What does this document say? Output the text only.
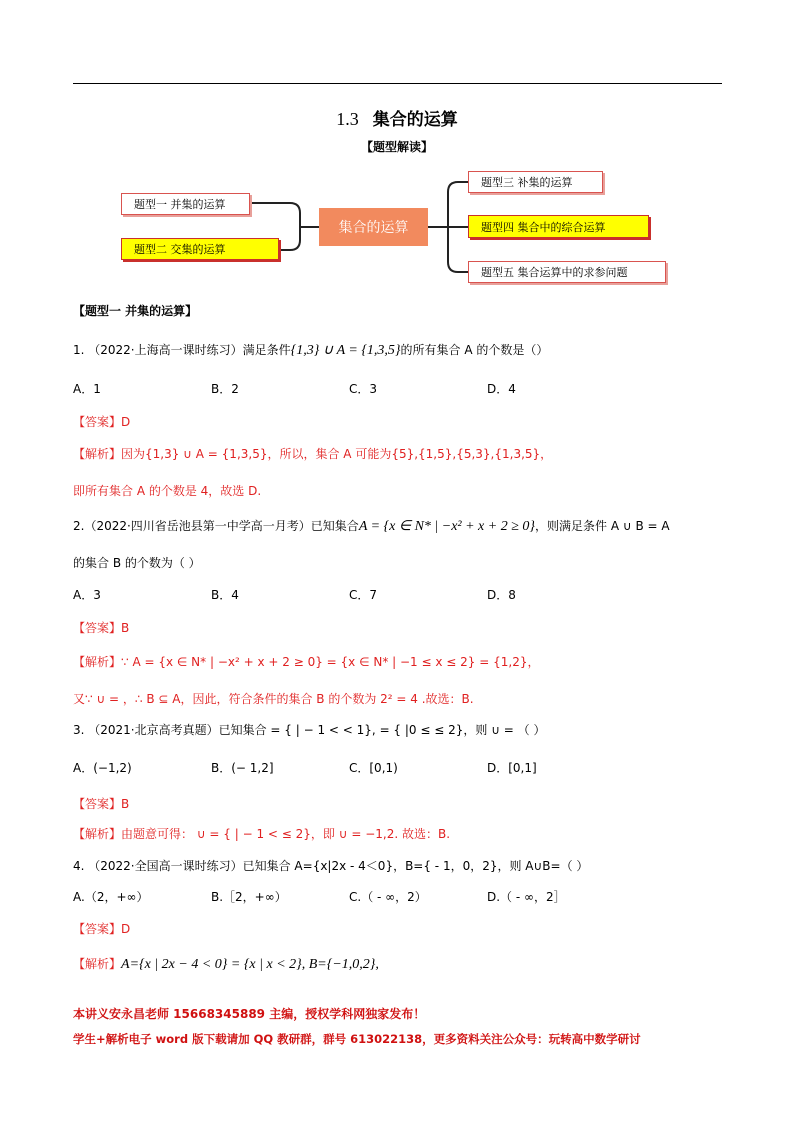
1.3 集合的运算
【题型解读】
题型一 并集的运算
题型二 交集的运算
集合的运算
题型三 补集的运算
题型四 集合中的综合运算
题型五 集合运算中的求参问题
【题型一 并集的运算】
1. （2022·上海高一课时练习）满足条件{1,3} ∪ A = {1,3,5}的所有集合 A 的个数是（）
A．1	B．2	C．3	D．4
【答案】D
【解析】因为{1,3} ∪ A = {1,3,5}，所以，集合 A 可能为{5},{1,5},{5,3},{1,3,5}，
即所有集合 A 的个数是 4，故选 D.
2.（2022·四川省岳池县第一中学高一月考）已知集合A = {x ∈ N* | −x² + x + 2 ≥ 0}，则满足条件 A ∪ B = A
的集合 B 的个数为（ ）
A．3	B．4	C．7	D．8
【答案】B
【解析】∵ A = {x ∈ N* | −x² + x + 2 ≥ 0} = {x ∈ N* | −1 ≤ x ≤ 2} = {1,2}，
又∵ ∪ = ，∴ B ⊆ A，因此，符合条件的集合 B 的个数为 2² = 4 .故选：B.
3. （2021·北京高考真题）已知集合 = { | − 1 < < 1}, = { |0 ≤ ≤ 2}，则 ∪ = （ ）
A．(−1,2)	B．(− 1,2]	C．[0,1)	D．[0,1]
【答案】B
【解析】由题意可得： ∪ = { | − 1 < ≤ 2}，即 ∪ = −1,2. 故选：B.
4. （2022·全国高一课时练习）已知集合 A={x|2x - 4＜0}，B={ - 1，0，2}，则 A∪B=（ ）
A.（2，+∞）	B.［2，+∞）	C.（ - ∞，2）	D.（ - ∞，2］
【答案】D
【解析】A={x | 2x − 4 < 0} = {x | x < 2}, B={−1,0,2},
本讲义安永昌老师 15668345889 主编，授权学科网独家发布！
学生+解析电子 word 版下载请加 QQ 教研群，群号 613022138，更多资料关注公众号：玩转高中数学研讨
